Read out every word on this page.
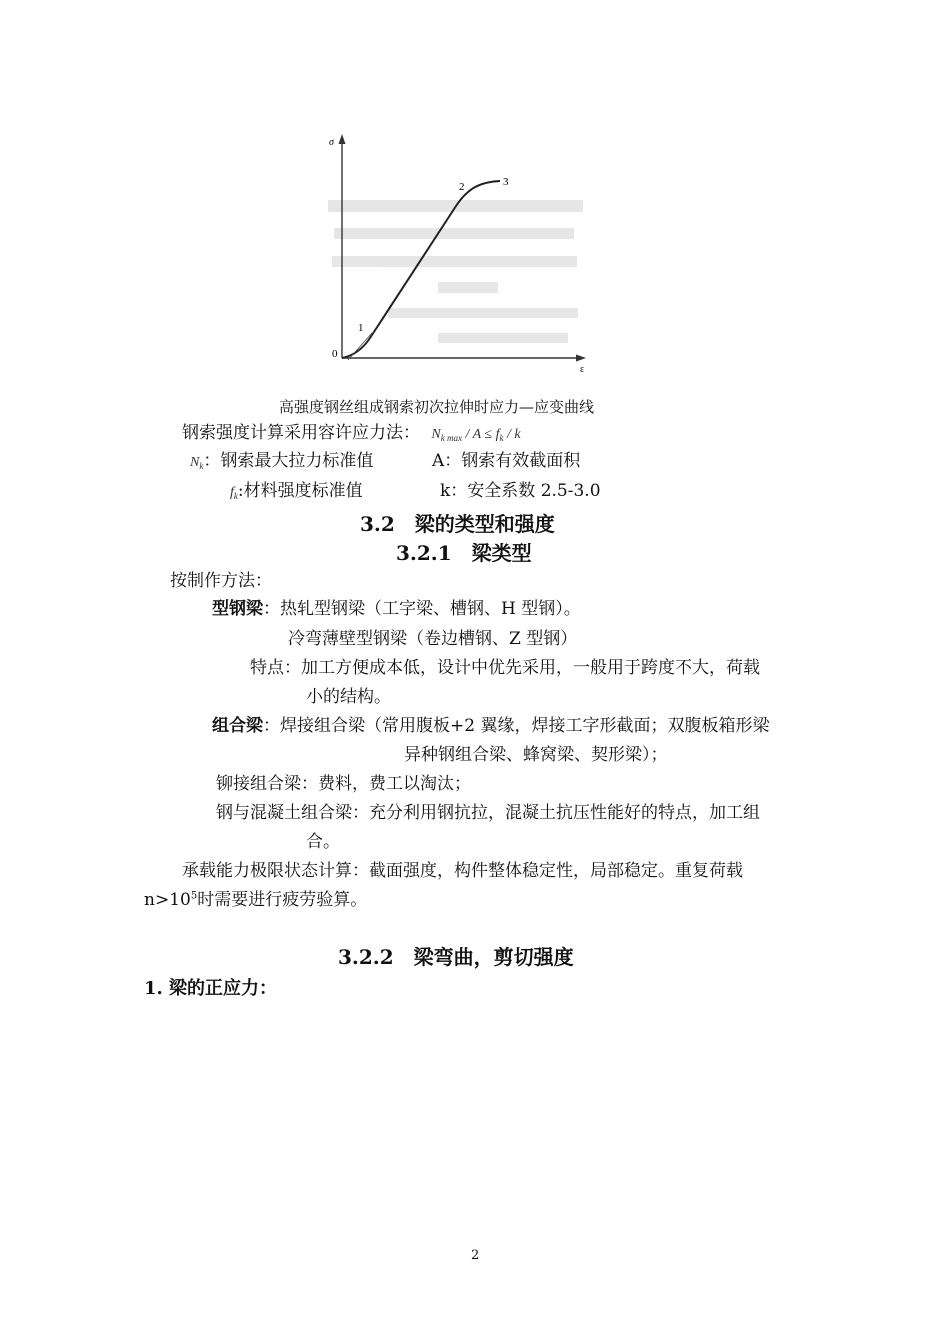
σ
ε
0
1
2	3
高强度钢丝组成钢索初次拉伸时应力—应变曲线
钢索强度计算采用容许应力法： $N_{k max} / A \le f_k / k$
$N_k$：钢索最大拉力标准值	A：钢索有效截面积
$f_k$:材料强度标准值	k：安全系数 2.5-3.0
3.2　梁的类型和强度
3.2.1　梁类型
按制作方法：
型钢梁：热轧型钢梁（工字梁、槽钢、H 型钢）。
冷弯薄壁型钢梁（卷边槽钢、Z 型钢）
特点：加工方便成本低，设计中优先采用，一般用于跨度不大，荷载
小的结构。
组合梁：焊接组合梁（常用腹板+2 翼缘，焊接工字形截面；双腹板箱形梁
异种钢组合梁、蜂窝梁、契形梁）；
铆接组合梁：费料，费工以淘汰；
钢与混凝土组合梁：充分利用钢抗拉，混凝土抗压性能好的特点，加工组
合。
承载能力极限状态计算：截面强度，构件整体稳定性，局部稳定。重复荷载
$n>10^5$时需要进行疲劳验算。
3.2.2　梁弯曲，剪切强度
1. 梁的正应力：
2
